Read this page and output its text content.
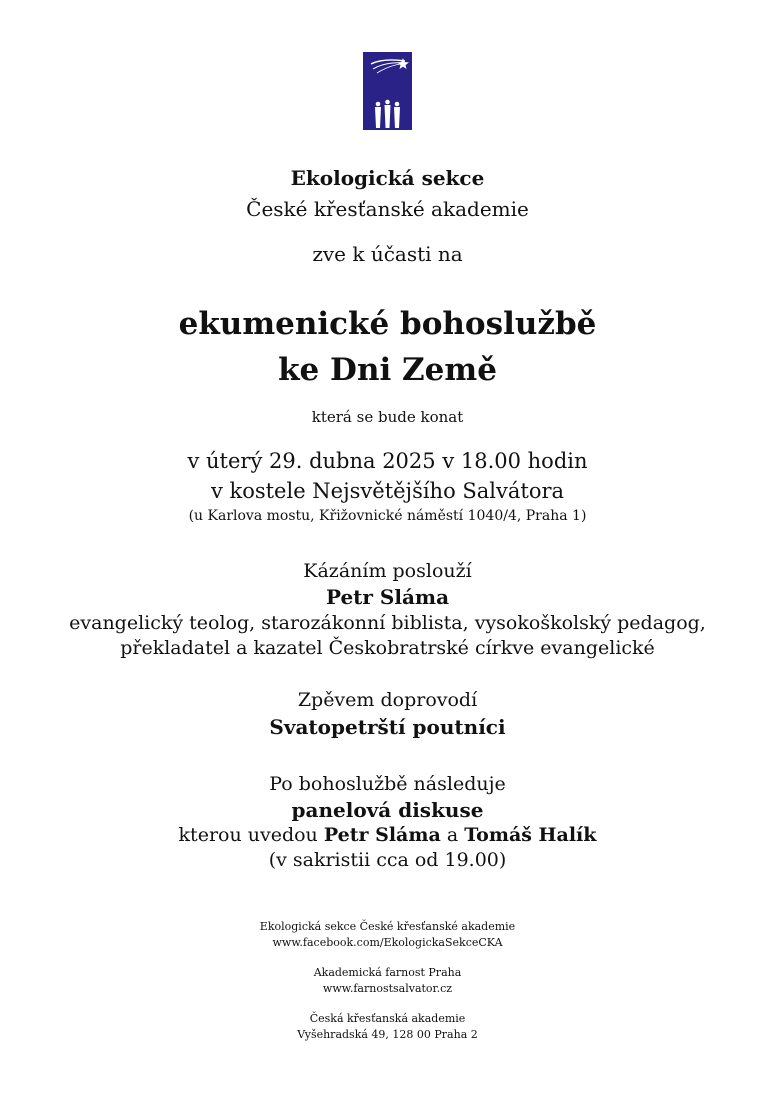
Ekologická sekce
České křesťanské akademie
zve k účasti na
ekumenické bohoslužbě
ke Dni Země
která se bude konat
v úterý 29. dubna 2025 v 18.00 hodin
v kostele Nejsvětějšího Salvátora
(u Karlova mostu, Křižovnické náměstí 1040/4, Praha 1)
Kázáním poslouží
Petr Sláma
evangelický teolog, starozákonní biblista, vysokoškolský pedagog,
překladatel a kazatel Českobratrské církve evangelické
Zpěvem doprovodí
Svatopetrští poutníci
Po bohoslužbě následuje
panelová diskuse
kterou uvedou Petr Sláma a Tomáš Halík
(v sakristii cca od 19.00)
Ekologická sekce České křesťanské akademie
www.facebook.com/EkologickaSekceCKA
Akademická farnost Praha
www.farnostsalvator.cz
Česká křesťanská akademie
Vyšehradská 49, 128 00 Praha 2
